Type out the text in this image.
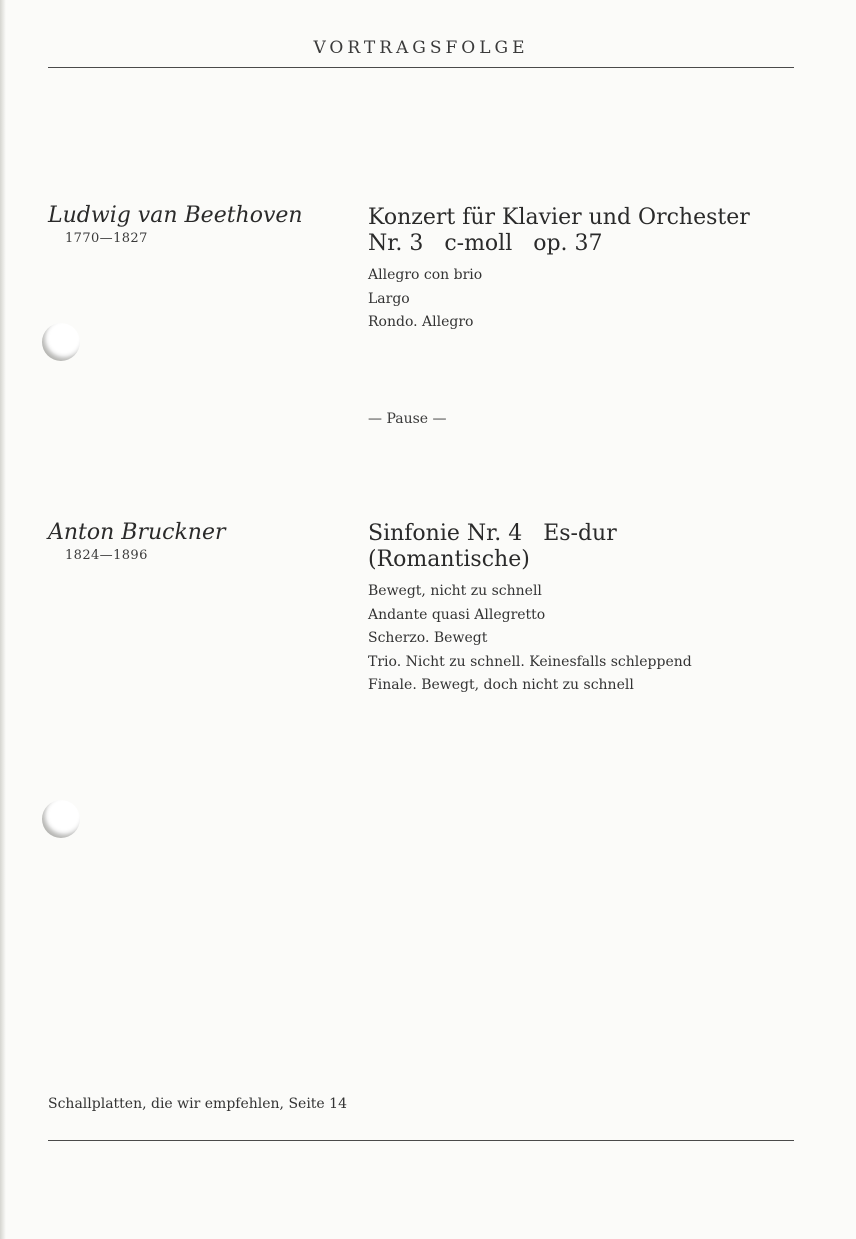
VORTRAGSFOLGE
Ludwig van Beethoven
1770—1827
Konzert für Klavier und Orchester
Nr. 3   c-moll   op. 37
Allegro con brio
Largo
Rondo. Allegro
— Pause —
Anton Bruckner
1824—1896
Sinfonie Nr. 4   Es-dur
(Romantische)
Bewegt, nicht zu schnell
Andante quasi Allegretto
Scherzo. Bewegt
Trio. Nicht zu schnell. Keinesfalls schleppend
Finale. Bewegt, doch nicht zu schnell
Schallplatten, die wir empfehlen, Seite 14
